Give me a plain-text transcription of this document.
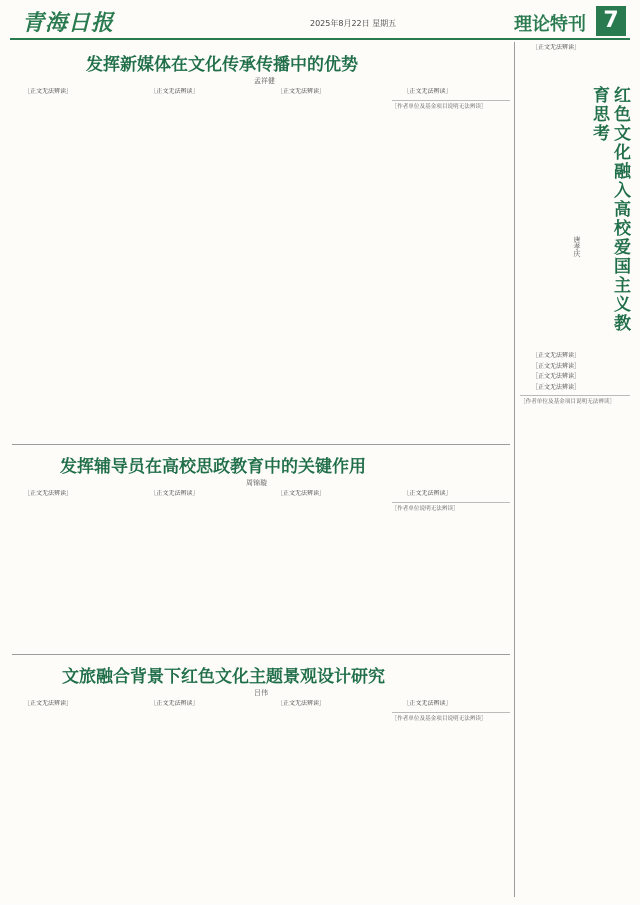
青海日报	2025年8月22日 星期五	理论特刊 7
发挥新媒体在文化传承传播中的优势
孟祥健

［正文无法辨读］	［正文无法辨读］	［正文无法辨读］	［正文无法辨读］

［作者单位及基金项目说明无法辨读］
发挥辅导员在高校思政教育中的关键作用
周锦璇

［正文无法辨读］	［正文无法辨读］	［正文无法辨读］	［正文无法辨读］

［作者单位说明无法辨读］
文旅融合背景下红色文化主题景观设计研究
吕伟

［正文无法辨读］	［正文无法辨读］	［正文无法辨读］	［正文无法辨读］

［作者单位及基金项目说明无法辨读］

［正文无法辨读］

红色文化融入高校爱国主义教育思考
唐孝庆

［正文无法辨读］

［正文无法辨读］

［正文无法辨读］

［正文无法辨读］

［作者单位及基金项目说明无法辨读］
